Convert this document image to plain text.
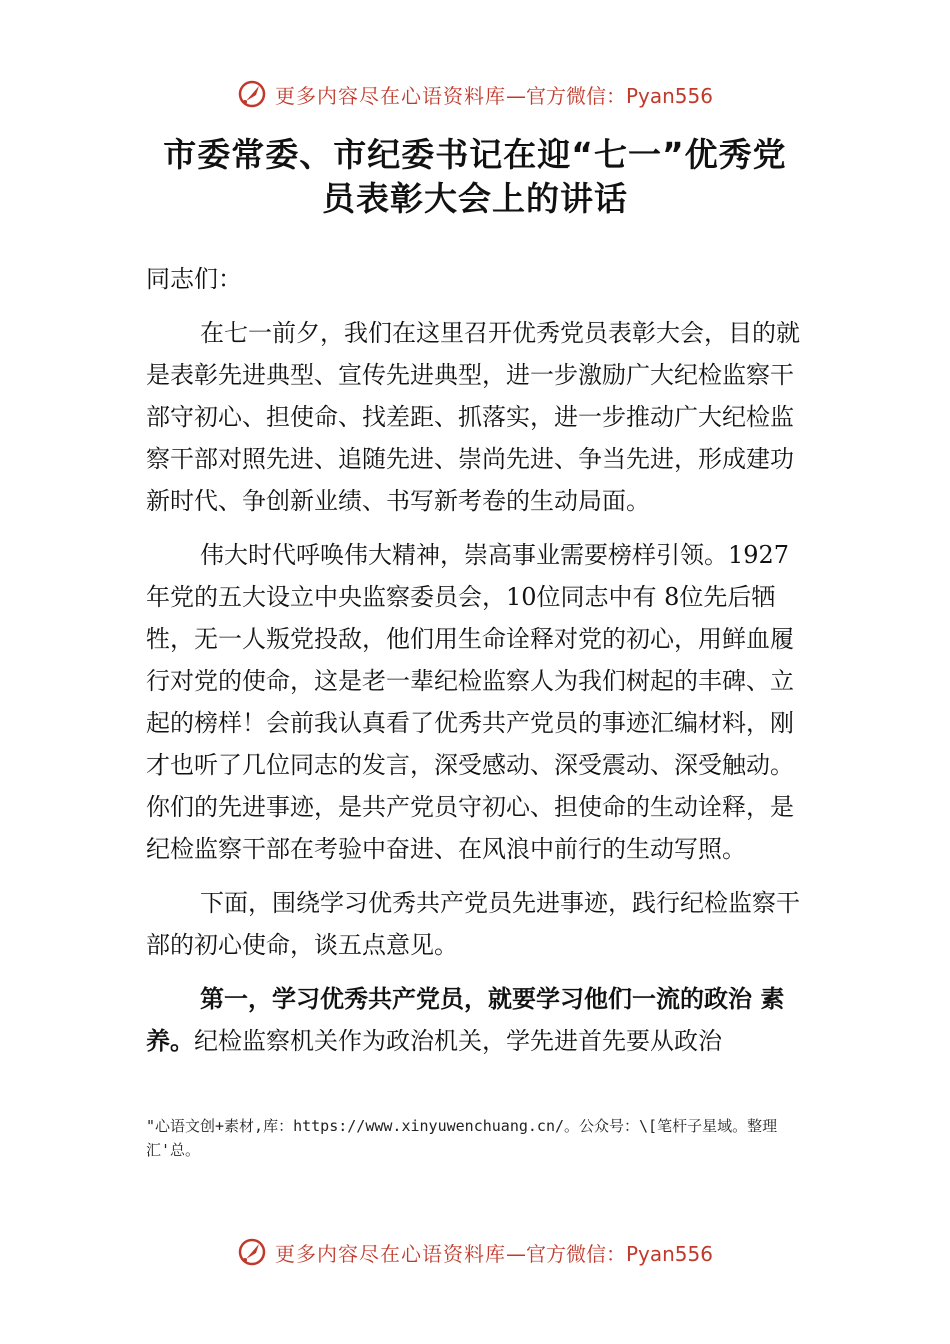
更多内容尽在心语资料库 —官方微信：Pyan556
市委常委、市纪委书记在迎“七一”优秀党
员表彰大会上的讲话

同志们：

在七一前夕，我们在这里召开优秀党员表彰大会，目的就是表彰先进典型、宣传先进典型，进一步激励广大纪检监察干部守初心、担使命、找差距、抓落实，进一步推动广大纪检监察干部对照先进、追随先进、崇尚先进、争当先进，形成建功新时代、争创新业绩、书写新考卷的生动局面。

伟大时代呼唤伟大精神，崇高事业需要榜样引领。1927年党的五大设立中央监察委员会，10位同志中有 8位先后牺牲，无一人叛党投敌，他们用生命诠释对党的初心，用鲜血履行对党的使命，这是老一辈纪检监察人为我们树起的丰碑、立起的榜样！会前我认真看了优秀共产党员的事迹汇编材料，刚才也听了几位同志的发言，深受感动、深受震动、深受触动。你们的先进事迹，是共产党员守初心、担使命的生动诠释，是纪检监察干部在考验中奋进、在风浪中前行的生动写照。

下面，围绕学习优秀共产党员先进事迹，践行纪检监察干部的初心使命，谈五点意见。

第一，学习优秀共产党员，就要学习他们一流的政治 素养。纪检监察机关作为政治机关，学先进首先要从政治

"心语文创+素材,库：https://www.xinyuwenchuang.cn/。公众号：\[笔杆子星域。整理汇'总。
更多内容尽在心语资料库 —官方微信：Pyan556
